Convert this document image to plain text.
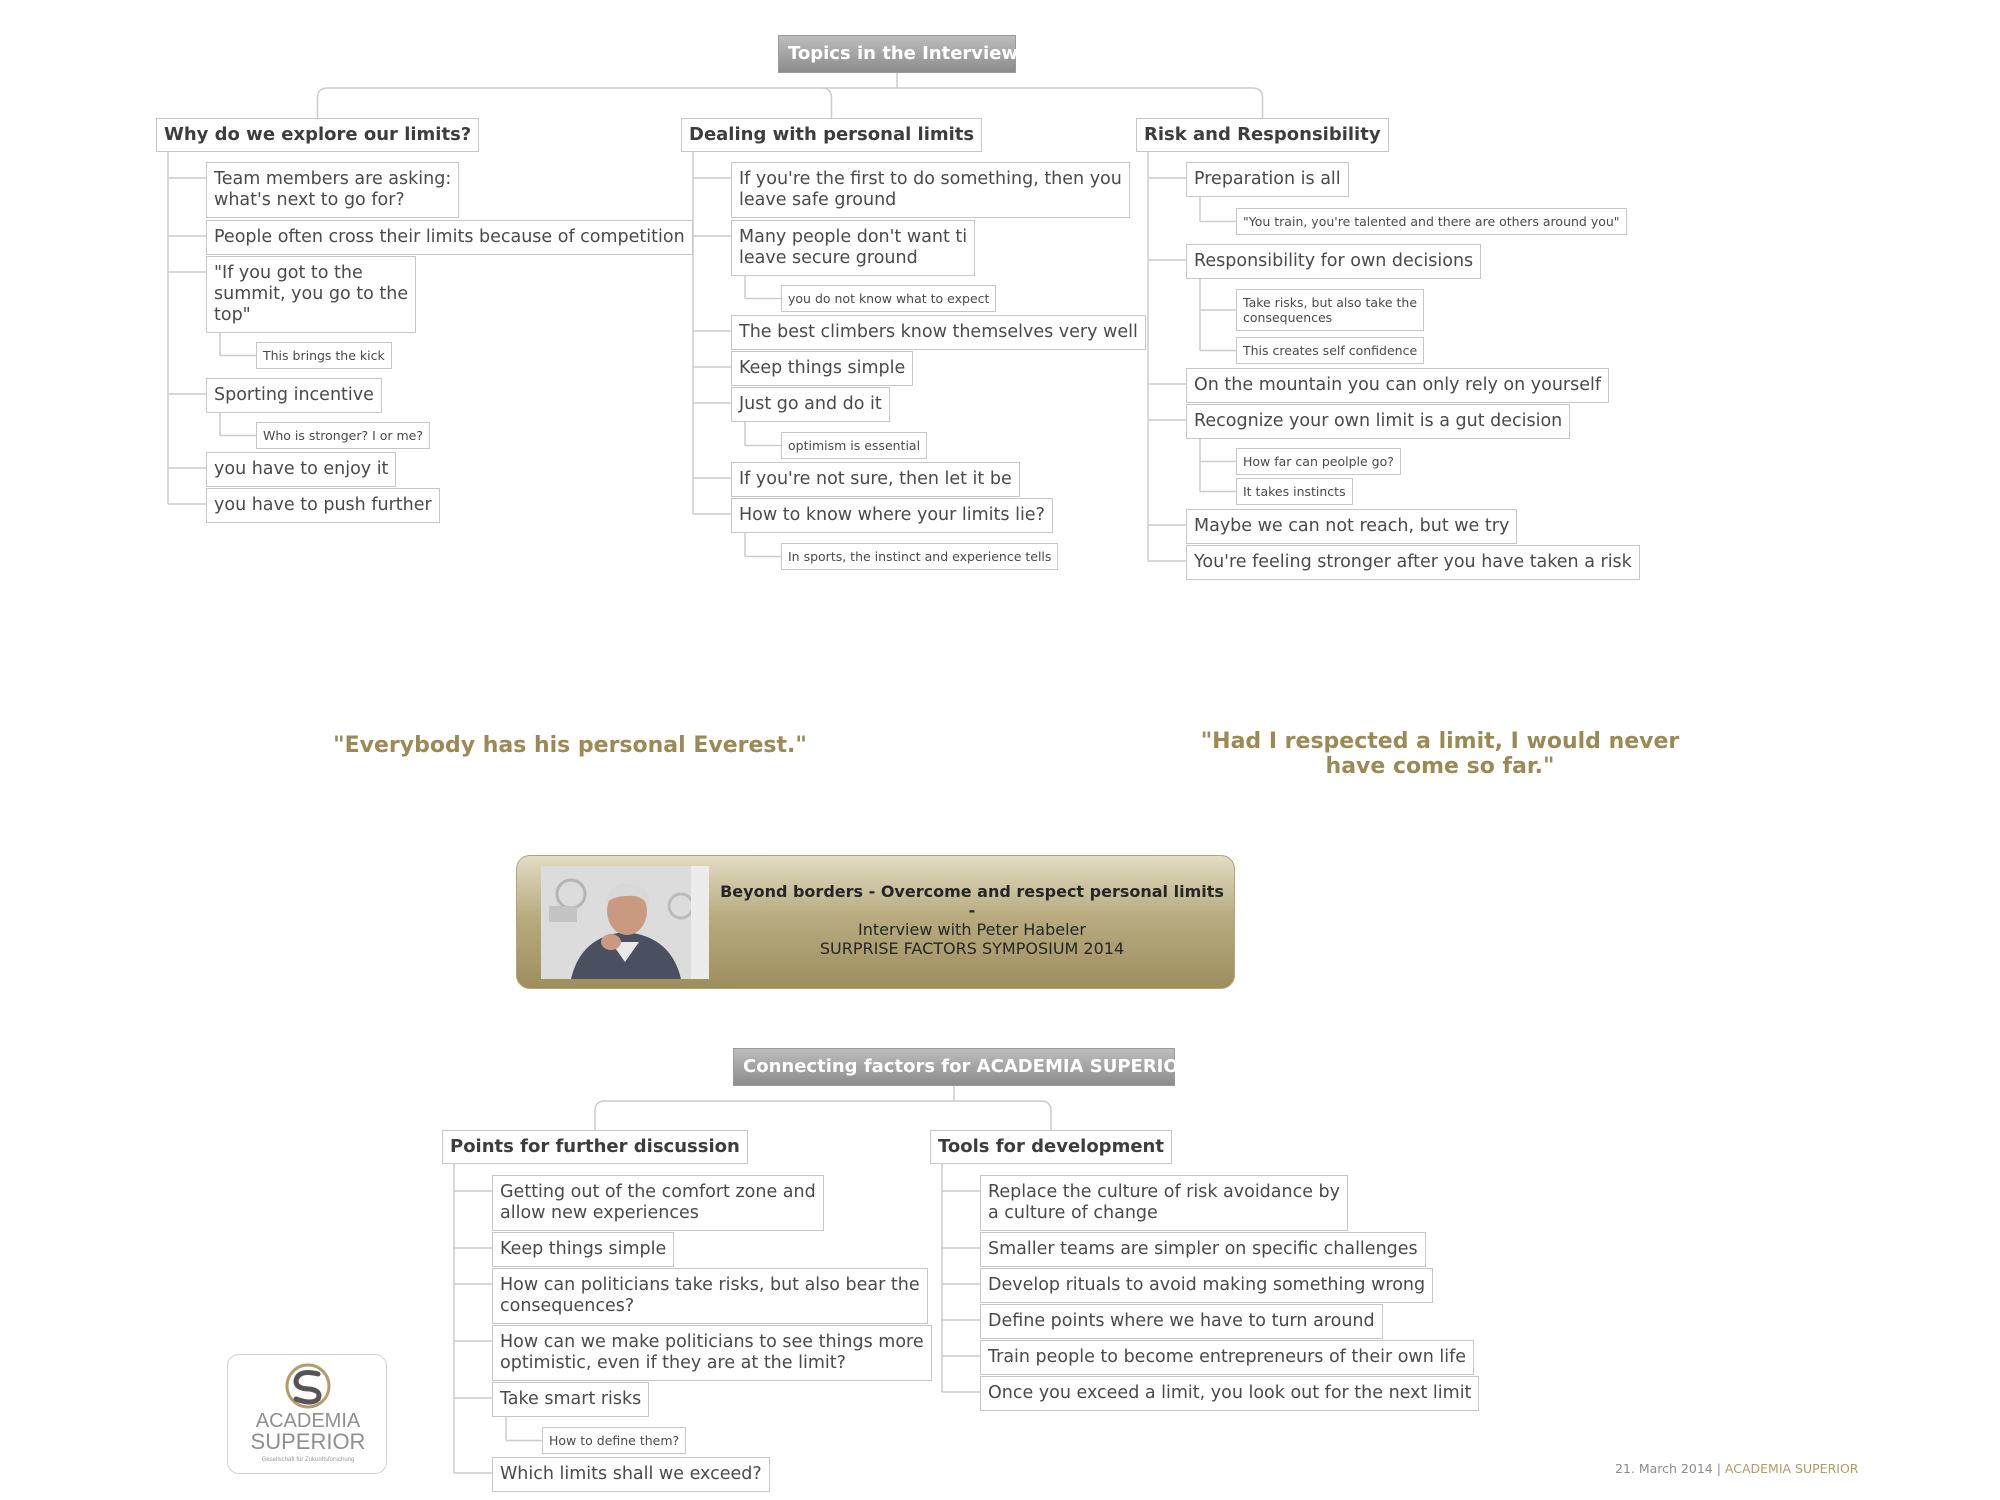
Topics in the Interview
Why do we explore our limits?
Team members are asking:
what's next to go for?
People often cross their limits because of competition
"If you got to the
summit, you go to the
top"
This brings the kick
Sporting incentive
Who is stronger? I or me?
you have to enjoy it
you have to push further
Dealing with personal limits
If you're the first to do something, then you
leave safe ground
Many people don't want ti
leave secure ground
you do not know what to expect
The best climbers know themselves very well
Keep things simple
Just go and do it
optimism is essential
If you're not sure, then let it be
How to know where your limits lie?
In sports, the instinct and experience tells
Risk and Responsibility
Preparation is all
"You train, you're talented and there are others around you"
Responsibility for own decisions
Take risks, but also take the
consequences
This creates self confidence
On the mountain you can only rely on yourself
Recognize your own limit is a gut decision
How far can peolple go?
It takes instincts
Maybe we can not reach, but we try
You're feeling stronger after you have taken a risk
"Everybody has his personal Everest."	"Had I respected a limit, I would never
have come so far."
Beyond borders - Overcome and respect personal limits
-
Interview with Peter Habeler
SURPRISE FACTORS SYMPOSIUM 2014
Connecting factors for ACADEMIA SUPERIOR
Points for further discussion
Getting out of the comfort zone and
allow new experiences
Keep things simple
How can politicians take risks, but also bear the
consequences?
How can we make politicians to see things more
optimistic, even if they are at the limit?
Take smart risks
How to define them?
Which limits shall we exceed?
Tools for development
Replace the culture of risk avoidance by
a culture of change
Smaller teams are simpler on specific challenges
Develop rituals to avoid making something wrong
Define points where we have to turn around
Train people to become entrepreneurs of their own life
Once you exceed a limit, you look out for the next limit
ACADEMIA
SUPERIOR
Gesellschaft für Zukunftsforschung
21. March 2014 | ACADEMIA SUPERIOR
